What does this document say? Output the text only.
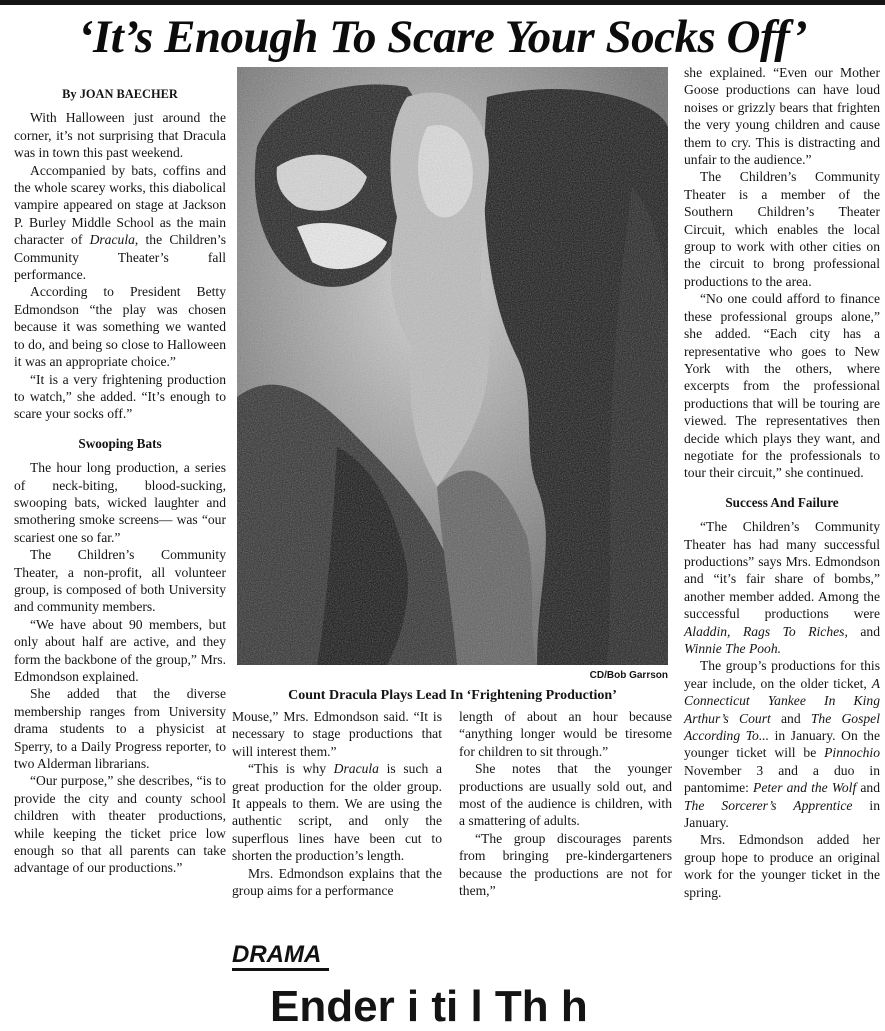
‘It’s Enough To Scare Your Socks Off’
By JOAN BAECHER

With Halloween just around the corner, it’s not surprising that Dracula was in town this past weekend.

Accompanied by bats, coffins and the whole scarey works, this diabolical vampire appeared on stage at Jackson P. Burley Middle School as the main character of Dracula, the Children’s Community Theater’s fall performance.

According to President Betty Edmondson “the play was chosen because it was something we wanted to do, and being so close to Halloween it was an appropriate choice.”

“It is a very frightening production to watch,” she added. “It’s enough to scare your socks off.”

Swooping Bats

The hour long production, a series of neck-biting, blood-sucking, swooping bats, wicked laughter and smothering smoke screens— was “our scariest one so far.”

The Children’s Community Theater, a non-profit, all volunteer group, is composed of both University and community members.

“We have about 90 members, but only about half are active, and they form the backbone of the group,” Mrs. Edmondson explained.

She added that the diverse membership ranges from University drama students to a physicist at Sperry, to a Daily Progress reporter, to two Alderman librarians.

“Our purpose,” she describes, “is to provide the city and county school children with theater productions, while keeping the ticket price low enough so that all parents can take advantage of our productions.”

CD/Bob Garrson
Count Dracula Plays Lead In ‘Frightening Production’

Mouse,” Mrs. Edmondson said. “It is necessary to stage productions that will interest them.”

“This is why Dracula is such a great production for the older group. It appeals to them. We are using the authentic script, and only the superflous lines have been cut to shorten the production’s length.

Mrs. Edmondson explains that the group aims for a performance

length of about an hour because “anything longer would be tiresome for children to sit through.”

She notes that the younger productions are usually sold out, and most of the audience is children, with a smattering of adults.

“The group discourages parents from bringing pre-kindergarteners because the productions are not for them,”

she explained. “Even our Mother Goose productions can have loud noises or grizzly bears that frighten the very young children and cause them to cry. This is distracting and unfair to the audience.”

The Children’s Community Theater is a member of the Southern Children’s Theater Circuit, which enables the local group to work with other cities on the circuit to brong professional productions to the area.

“No one could afford to finance these professional groups alone,” she added. “Each city has a representative who goes to New York with the others, where excerpts from the professional productions that will be touring are viewed. The representatives then decide which plays they want, and negotiate for the professionals to tour their circuit,” she continued.

Success And Failure

“The Children’s Community Theater has had many successful productions” says Mrs. Edmondson and “it’s fair share of bombs,” another member added. Among the successful productions were Aladdin, Rags To Riches, and Winnie The Pooh.

The group’s productions for this year include, on the older ticket, A Connecticut Yankee In King Arthur’s Court and The Gospel According To... in January. On the younger ticket will be Pinnochio November 3 and a duo in pantomime: Peter and the Wolf and The Sorcerer’s Apprentice in January.

Mrs. Edmondson added her group hope to produce an original work for the younger ticket in the spring.

DRAMA
Ender i ti l Th h
